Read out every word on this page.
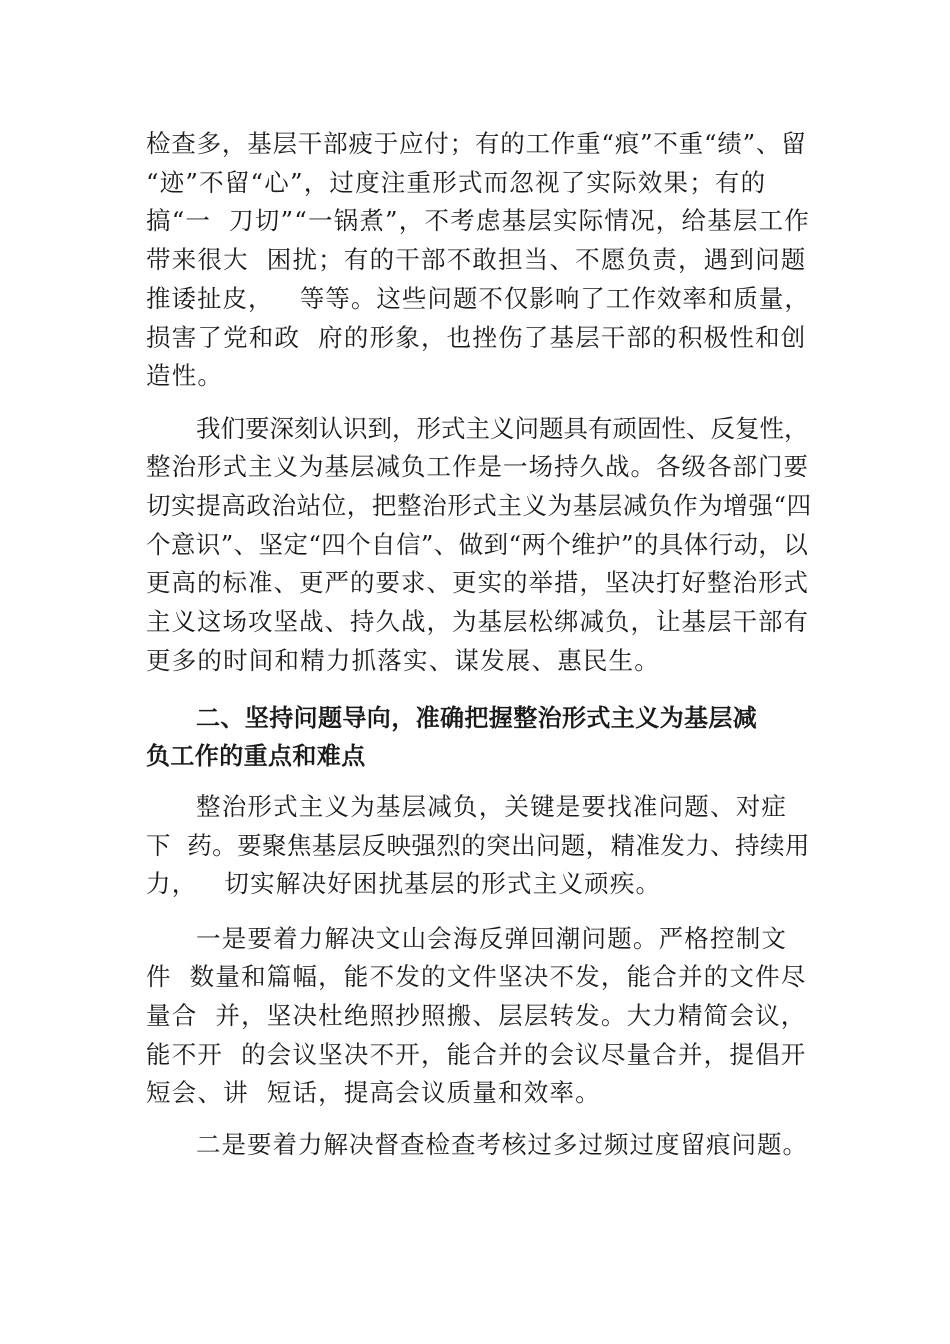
检查多，基层干部疲于应付；有的工作重“痕”不重“绩”、留
“迹”不留“心”，过度注重形式而忽视了实际效果；有的
搞“一  刀切”“一锅煮”，不考虑基层实际情况，给基层工作
带来很大  困扰；有的干部不敢担当、不愿负责，遇到问题
推诿扯皮，   等等。这些问题不仅影响了工作效率和质量，
损害了党和政  府的形象，也挫伤了基层干部的积极性和创
造性。
我们要深刻认识到，形式主义问题具有顽固性、反复性，
整治形式主义为基层减负工作是一场持久战。各级各部门要
切实提高政治站位，把整治形式主义为基层减负作为增强“四
个意识”、坚定“四个自信”、做到“两个维护”的具体行动，以
更高的标准、更严的要求、更实的举措，坚决打好整治形式
主义这场攻坚战、持久战，为基层松绑减负，让基层干部有
更多的时间和精力抓落实、谋发展、惠民生。
二、坚持问题导向，准确把握整治形式主义为基层减
负工作的重点和难点
整治形式主义为基层减负，关键是要找准问题、对症
下  药。要聚焦基层反映强烈的突出问题，精准发力、持续用
力，   切实解决好困扰基层的形式主义顽疾。
一是要着力解决文山会海反弹回潮问题。严格控制文
件  数量和篇幅，能不发的文件坚决不发，能合并的文件尽
量合  并，坚决杜绝照抄照搬、层层转发。大力精简会议，
能不开  的会议坚决不开，能合并的会议尽量合并，提倡开
短会、讲  短话，提高会议质量和效率。
二是要着力解决督查检查考核过多过频过度留痕问题。
